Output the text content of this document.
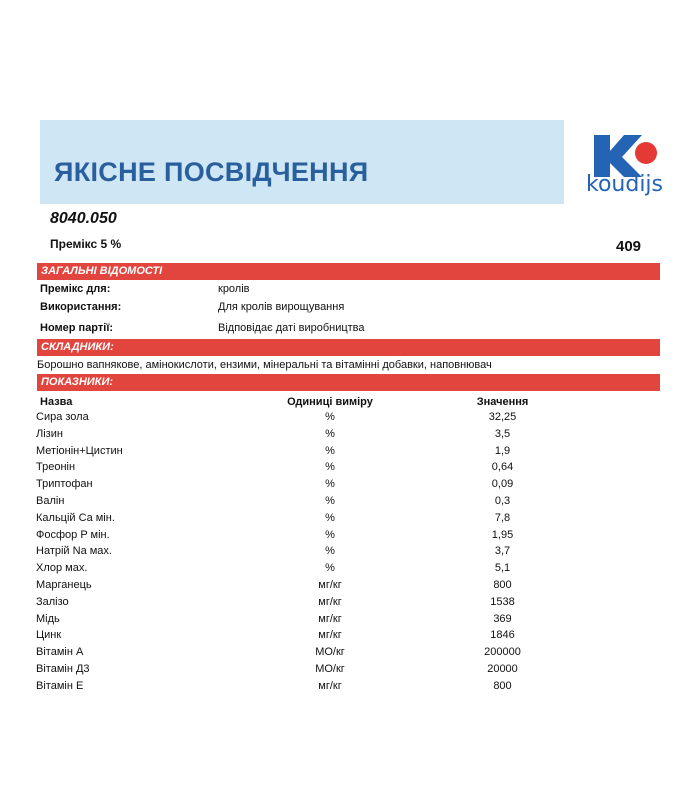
ЯКІСНЕ ПОСВІДЧЕННЯ	koudijs
8040.050
Премікс 5 %	409
ЗАГАЛЬНІ ВІДОМОСТІ
Премікс для:	кролів
Використання:	Для кролів вирощування
Номер партії:	Відповідає даті виробництва
СКЛАДНИКИ:
Борошно вапнякове, амінокислоти, ензими, мінеральні та вітамінні добавки, наповнювач
ПОКАЗНИКИ:
Назва	Одиниці виміру	Значення
Сира зола	%	32,25
Лізин	%	3,5
Метіонін+Цистин	%	1,9
Треонін	%	0,64
Триптофан	%	0,09
Валін	%	0,3
Кальцій Ca мін.	%	7,8
Фосфор P мін.	%	1,95
Натрій Na мах.	%	3,7
Хлор мах.	%	5,1
Марганець	мг/кг	800
Залізо	мг/кг	1538
Мідь	мг/кг	369
Цинк	мг/кг	1846
Вітамін A	МО/кг	200000
Вітамін Д3	МО/кг	20000
Вітамін E	мг/кг	800
